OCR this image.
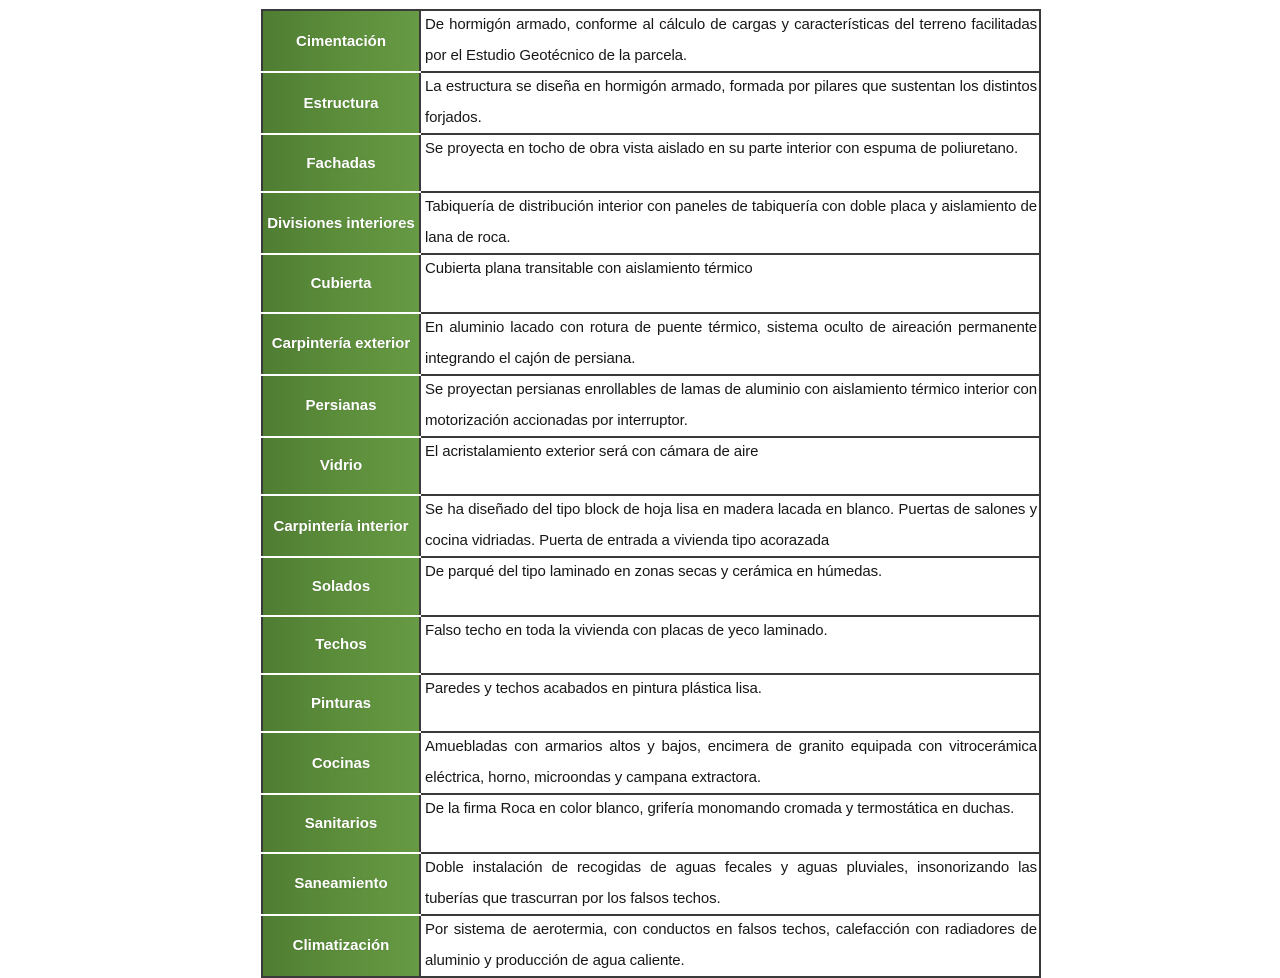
Cimentación	De hormigón armado, conforme al cálculo de cargas y características del terreno facilitadas por el Estudio Geotécnico de la parcela.

Estructura	La estructura se diseña en hormigón armado, formada por pilares que sustentan los distintos forjados.

Fachadas	Se proyecta en tocho de obra vista aislado en su parte interior con espuma de poliuretano.

Divisiones interiores	Tabiquería de distribución interior con paneles de tabiquería con doble placa y aislamiento de lana de roca.

Cubierta	Cubierta plana transitable con aislamiento térmico

Carpintería exterior	En aluminio lacado con rotura de puente térmico, sistema oculto de aireación permanente integrando el cajón de persiana.

Persianas	Se proyectan persianas enrollables de lamas de aluminio con aislamiento térmico interior con motorización accionadas por interruptor.

Vidrio	El acristalamiento exterior será con cámara de aire

Carpintería interior	Se ha diseñado del tipo block de hoja lisa en madera lacada en blanco. Puertas de salones y cocina vidriadas. Puerta de entrada a vivienda tipo acorazada

Solados	De parqué del tipo laminado en zonas secas y cerámica en húmedas.

Techos	Falso techo en toda la vivienda con placas de yeco laminado.

Pinturas	Paredes y techos acabados en pintura plástica lisa.

Cocinas	Amuebladas con armarios altos y bajos, encimera de granito equipada con vitrocerámica eléctrica, horno, microondas y campana extractora.

Sanitarios	De la firma Roca en color blanco, grifería monomando cromada y termostática en duchas.

Saneamiento	Doble instalación de recogidas de aguas fecales y aguas pluviales, insonorizando las tuberías que trascurran por los falsos techos.

Climatización	Por sistema de aerotermia, con conductos en falsos techos, calefacción con radiadores de aluminio y producción de agua caliente.
